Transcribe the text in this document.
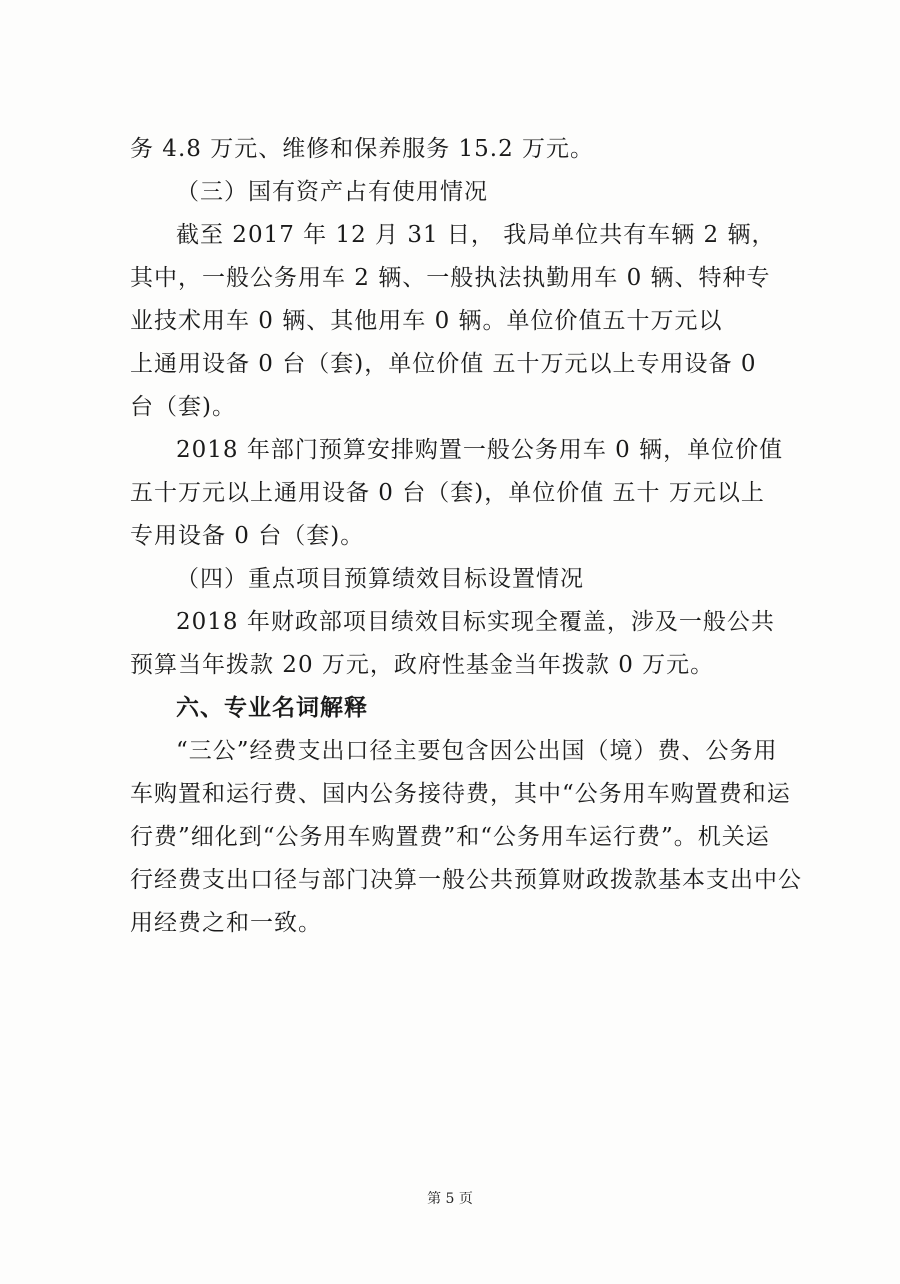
务 4.8 万元、维修和保养服务 15.2 万元。
（三）国有资产占有使用情况
截至 2017 年 12 月 31 日， 我局单位共有车辆 2 辆，
其中，一般公务用车 2 辆、一般执法执勤用车 0 辆、特种专
业技术用车 0 辆、其他用车 0 辆。单位价值五十万元以
上通用设备 0 台（套)，单位价值 五十万元以上专用设备 0
台（套)。
2018 年部门预算安排购置一般公务用车 0 辆，单位价值
五十万元以上通用设备 0 台（套)，单位价值 五十 万元以上
专用设备 0 台（套)。
（四）重点项目预算绩效目标设置情况
2018 年财政部项目绩效目标实现全覆盖，涉及一般公共
预算当年拨款 20 万元，政府性基金当年拨款 0 万元。
六、专业名词解释
“三公”经费支出口径主要包含因公出国（境）费、公务用
车购置和运行费、国内公务接待费，其中“公务用车购置费和运
行费”细化到“公务用车购置费”和“公务用车运行费”。机关运
行经费支出口径与部门决算一般公共预算财政拨款基本支出中公
用经费之和一致。
第 5 页
